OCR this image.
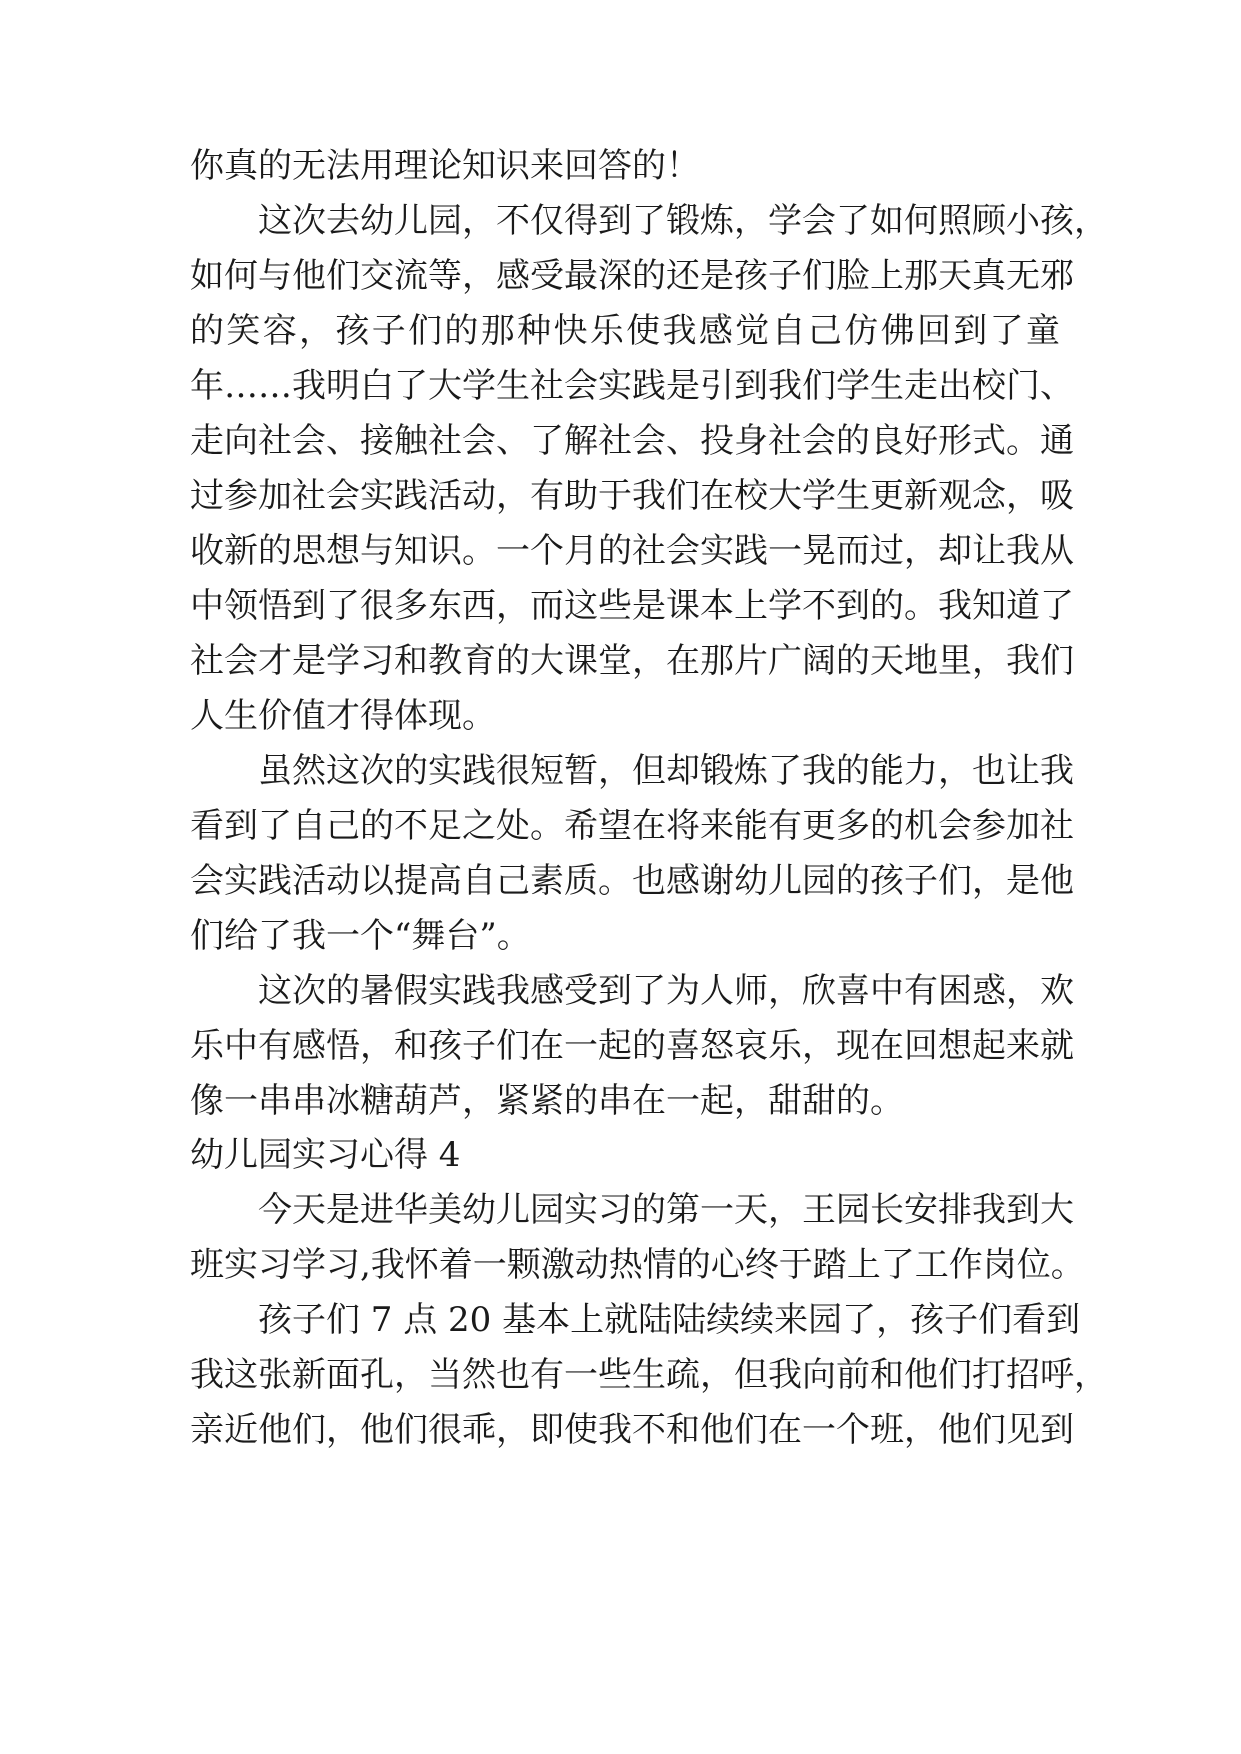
你真的无法用理论知识来回答的！
这次去幼儿园，不仅得到了锻炼，学会了如何照顾小孩，
如何与他们交流等，感受最深的还是孩子们脸上那天真无邪
的笑容，孩子们的那种快乐使我感觉自己仿佛回到了童
年……我明白了大学生社会实践是引到我们学生走出校门、
走向社会、接触社会、了解社会、投身社会的良好形式。通
过参加社会实践活动，有助于我们在校大学生更新观念，吸
收新的思想与知识。一个月的社会实践一晃而过，却让我从
中领悟到了很多东西，而这些是课本上学不到的。我知道了
社会才是学习和教育的大课堂，在那片广阔的天地里，我们
人生价值才得体现。
虽然这次的实践很短暂，但却锻炼了我的能力，也让我
看到了自己的不足之处。希望在将来能有更多的机会参加社
会实践活动以提高自己素质。也感谢幼儿园的孩子们，是他
们给了我一个“舞台”。
这次的暑假实践我感受到了为人师，欣喜中有困惑，欢
乐中有感悟，和孩子们在一起的喜怒哀乐，现在回想起来就
像一串串冰糖葫芦，紧紧的串在一起，甜甜的。
幼儿园实习心得 4
今天是进华美幼儿园实习的第一天，王园长安排我到大
班实习学习,我怀着一颗激动热情的心终于踏上了工作岗位。
孩子们 7 点 20 基本上就陆陆续续来园了，孩子们看到
我这张新面孔，当然也有一些生疏，但我向前和他们打招呼，
亲近他们，他们很乖，即使我不和他们在一个班，他们见到
